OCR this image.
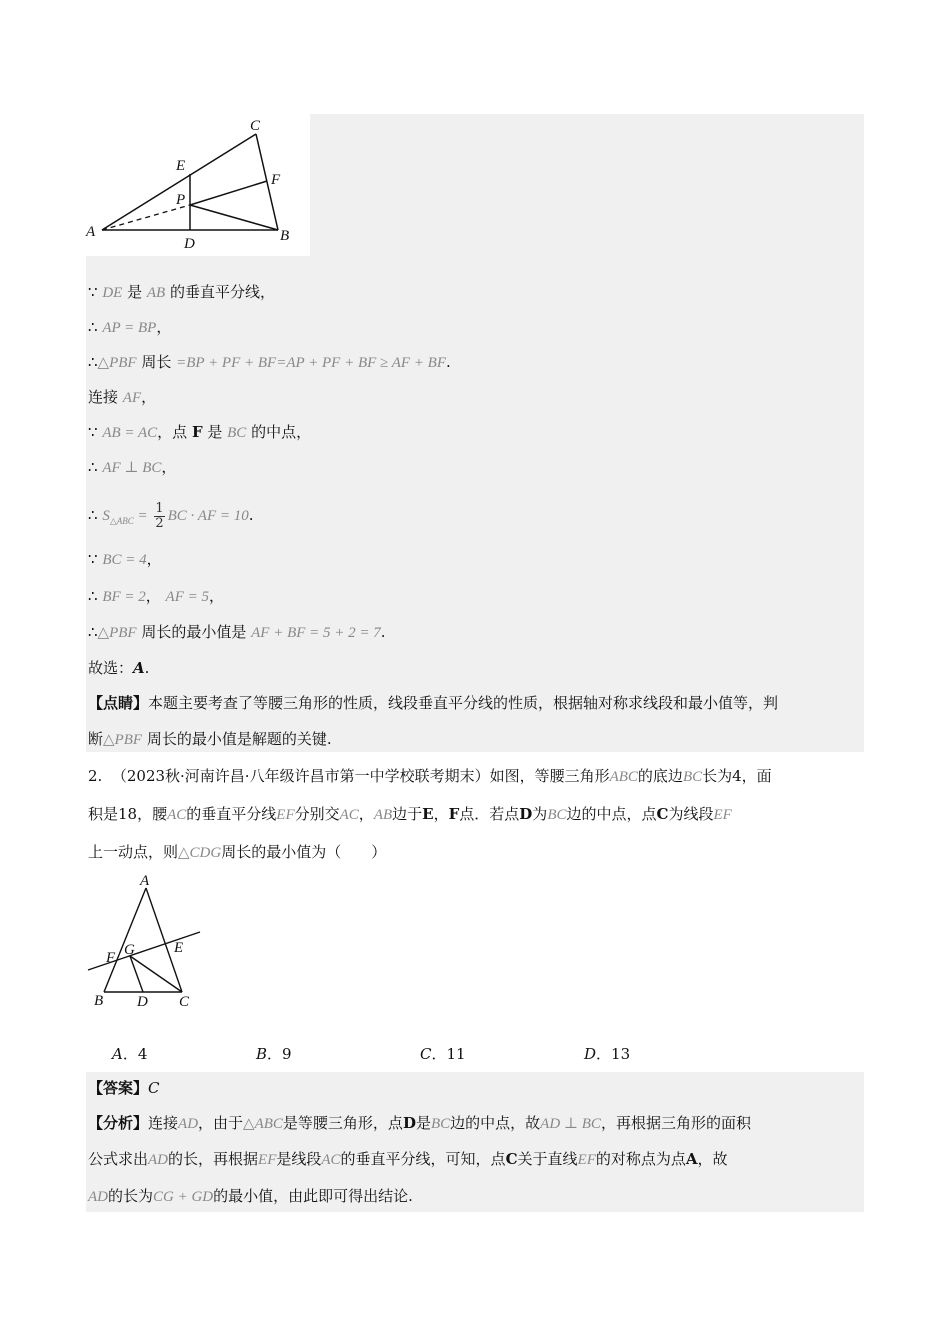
A	B
C
D
E
F
P
∵ DE 是 AB 的垂直平分线，
∴ AP = BP，
∴△PBF 周长 =BP + PF + BF=AP + PF + BF ≥ AF + BF.
连接 AF，
∵ AB = AC，点 F 是 BC 的中点，
∴ AF ⊥ BC，
∴ $S_{\triangle ABC} = \frac{1}{2}$ BC · AF = 10.
∵ BC = 4，
∴ BF = 2， AF = 5，
∴△PBF 周长的最小值是 AF + BF = 5 + 2 = 7.
故选：A.
【点睛】本题主要考查了等腰三角形的性质，线段垂直平分线的性质，根据轴对称求线段和最小值等，判
断△PBF 周长的最小值是解题的关键.
2. （2023秋·河南许昌·八年级许昌市第一中学校联考期末）如图，等腰三角形ABC的底边BC长为4，面
积是18，腰AC的垂直平分线EF分别交AC，AB边于E，F点．若点D为BC边的中点，点C为线段EF
上一动点，则△CDG周长的最小值为（　　）
A
B	C
D
E
F G
A．4	B．9	C．11	D．13
【答案】C
【分析】连接AD，由于△ABC是等腰三角形，点D是BC边的中点，故AD ⊥ BC，再根据三角形的面积
公式求出AD的长，再根据EF是线段AC的垂直平分线，可知，点C关于直线EF的对称点为点A，故
AD的长为CG + GD的最小值，由此即可得出结论.
